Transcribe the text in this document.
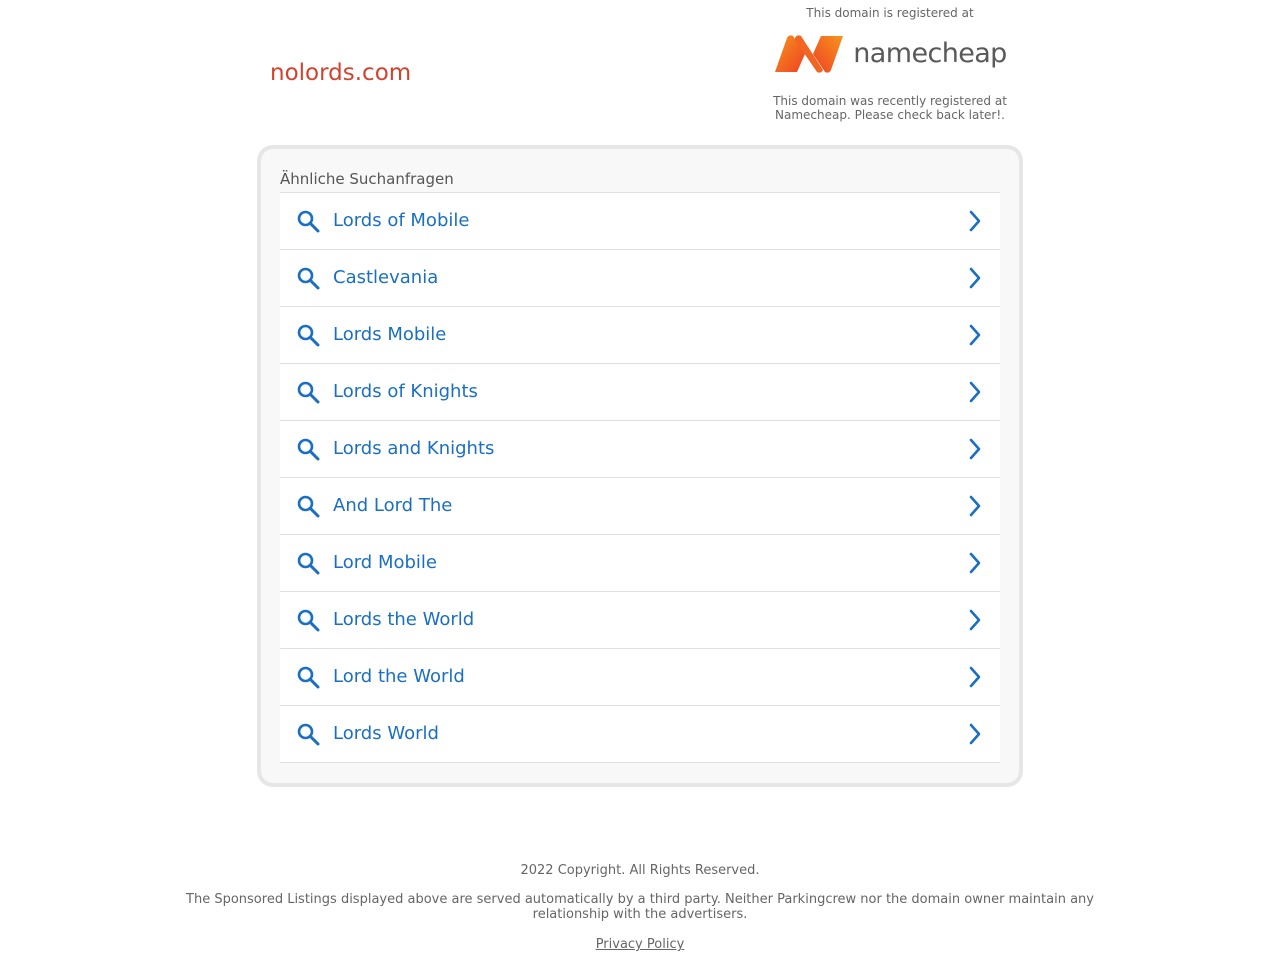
nolords.com
This domain is registered at
namecheap
This domain was recently registered at Namecheap. Please check back later!.
Ähnliche Suchanfragen
Lords of Mobile
Castlevania
Lords Mobile
Lords of Knights
Lords and Knights
And Lord The
Lord Mobile
Lords the World
Lord the World
Lords World
2022 Copyright. All Rights Reserved.
The Sponsored Listings displayed above are served automatically by a third party. Neither Parkingcrew nor the domain owner maintain any relationship with the advertisers.
Privacy Policy
